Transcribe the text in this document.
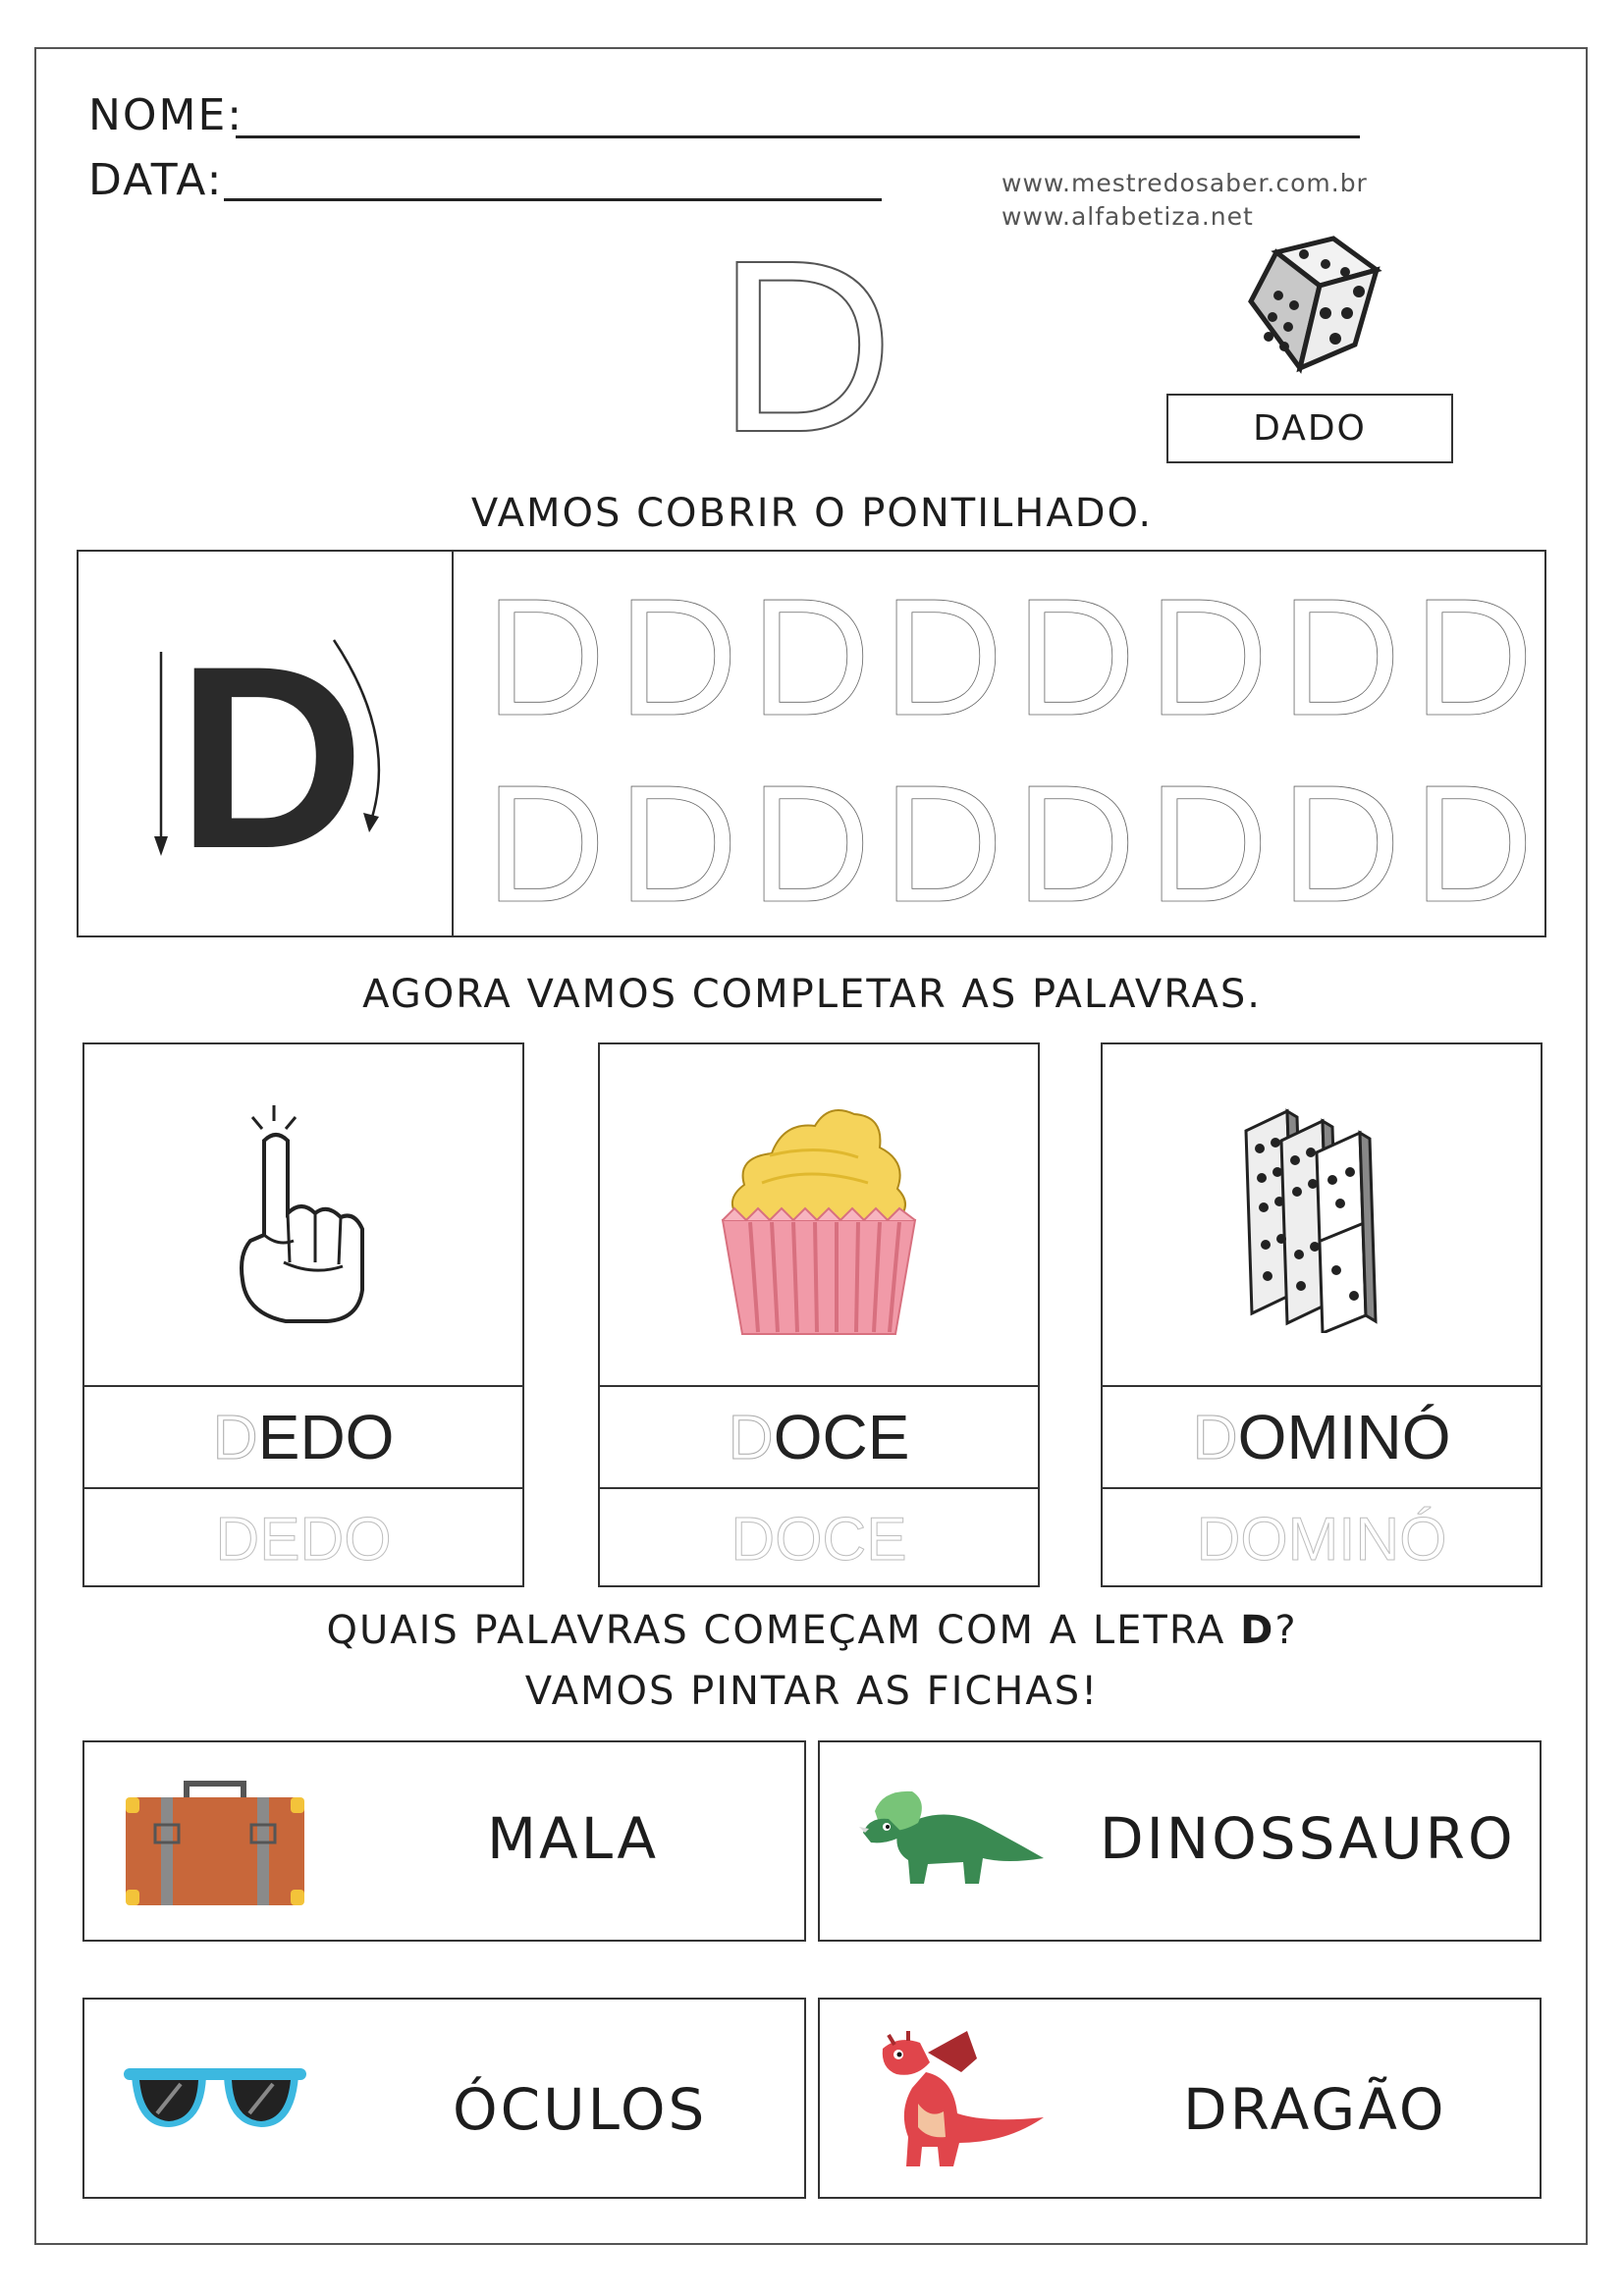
NOME:
DATA:	www.mestredosaber.com.br
www.alfabetiza.net
D	DADO
VAMOS COBRIR O PONTILHADO.
D D D D D D D D D
D D D D D D D D
AGORA VAMOS COMPLETAR AS PALAVRAS.
DEDO
DEDO
DOCE
DOCE
DOMINÓ
DOMINÓ
QUAIS PALAVRAS COMEÇAM COM A LETRA D?
VAMOS PINTAR AS FICHAS!
MALA	DINOSSAURO
ÓCULOS	DRAGÃO
